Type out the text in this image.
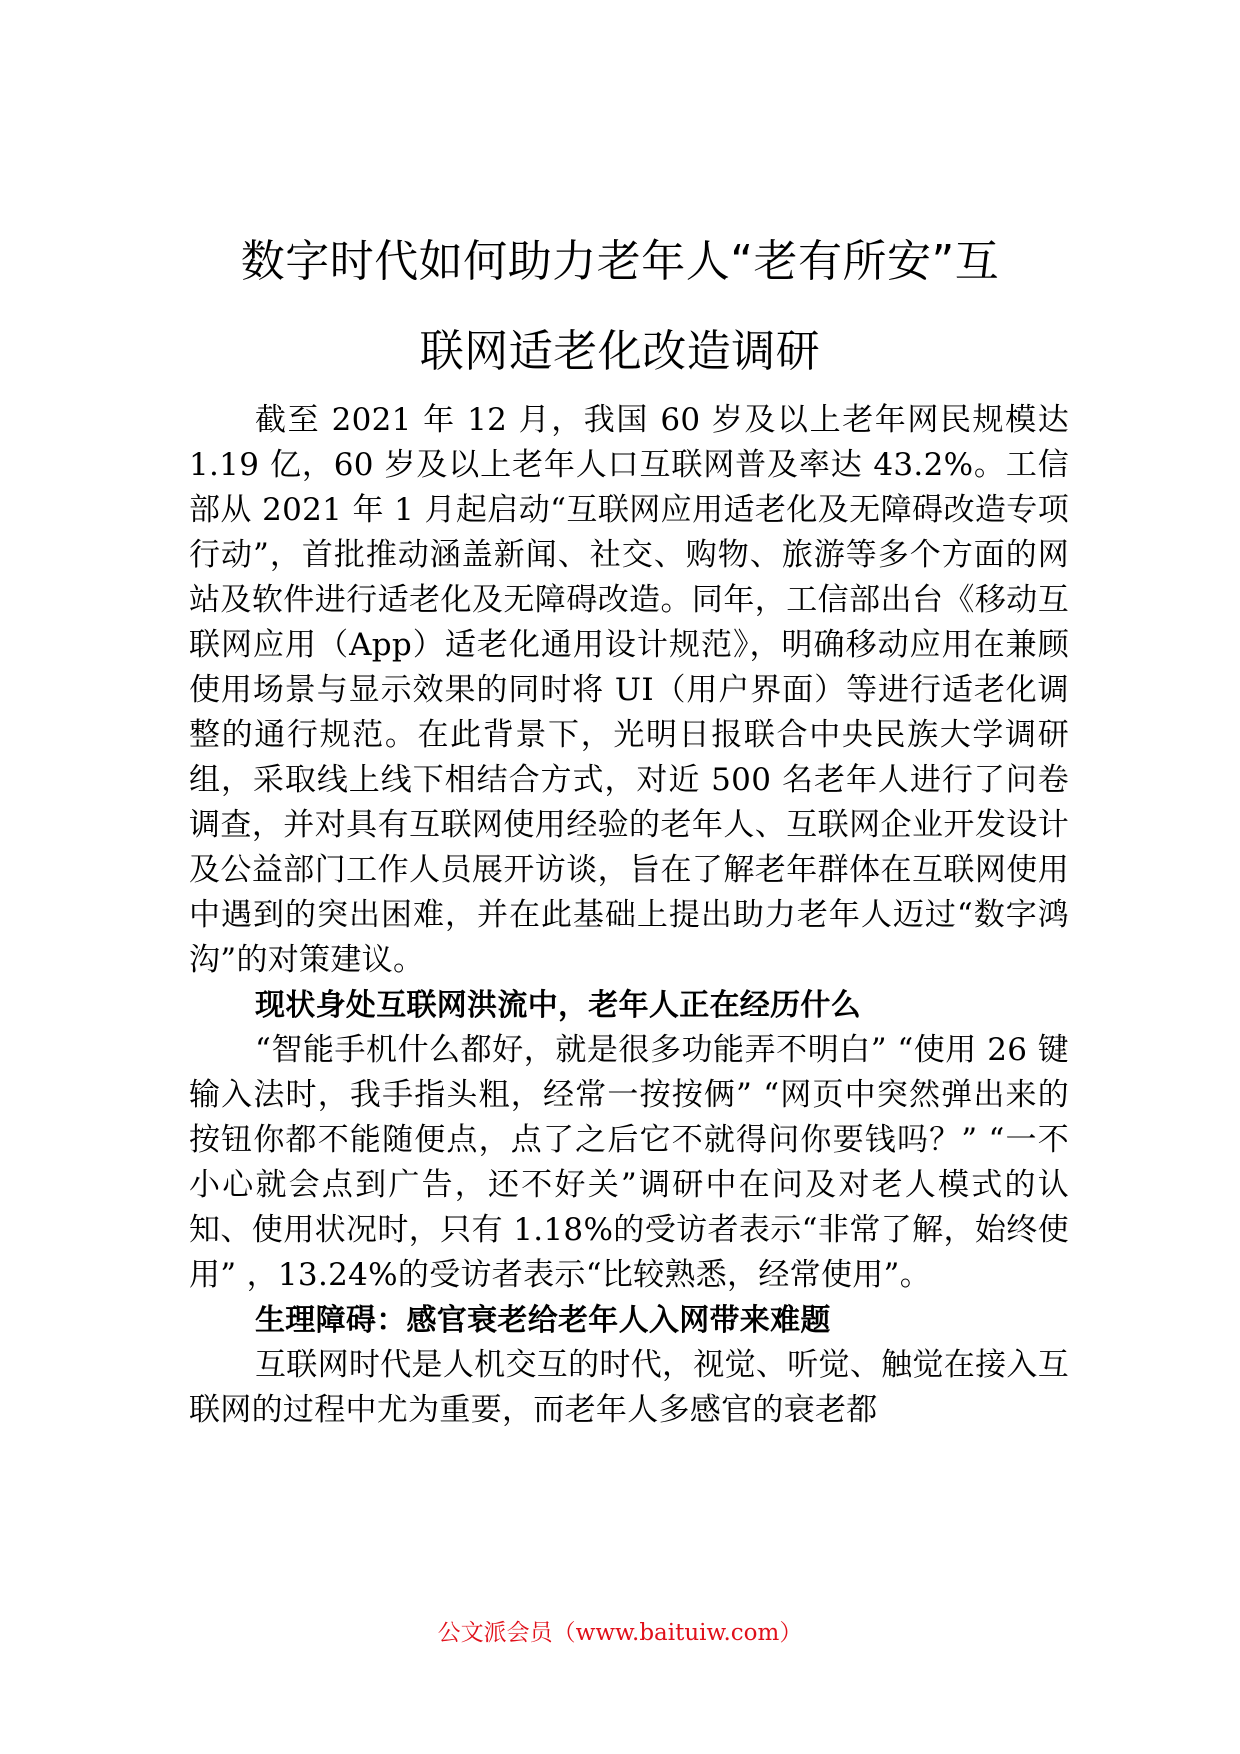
数字时代如何助力老年人“老有所安”互
联网适老化改造调研

截至 2021 年 12 月，我国 60 岁及以上老年网民规模达 1.19 亿，60 岁及以上老年人口互联网普及率达 43.2%。工信部从 2021 年 1 月起启动“互联网应用适老化及无障碍改造专项行动”，首批推动涵盖新闻、社交、购物、旅游等多个方面的网站及软件进行适老化及无障碍改造。同年，工信部出台《移动互联网应用（App）适老化通用设计规范》，明确移动应用在兼顾使用场景与显示效果的同时将 UI（用户界面）等进行适老化调整的通行规范。在此背景下，光明日报联合中央民族大学调研组，采取线上线下相结合方式，对近 500 名老年人进行了问卷调查，并对具有互联网使用经验的老年人、互联网企业开发设计及公益部门工作人员展开访谈，旨在了解老年群体在互联网使用中遇到的突出困难，并在此基础上提出助力老年人迈过“数字鸿沟”的对策建议。

现状身处互联网洪流中，老年人正在经历什么

“智能手机什么都好，就是很多功能弄不明白” “使用 26 键输入法时，我手指头粗，经常一按按俩” “网页中突然弹出来的按钮你都不能随便点，点了之后它不就得问你要钱吗？” “一不小心就会点到广告，还不好关”调研中在问及对老人模式的认知、使用状况时，只有 1.18%的受访者表示“非常了解，始终使用” ，13.24%的受访者表示“比较熟悉，经常使用”。

生理障碍：感官衰老给老年人入网带来难题

互联网时代是人机交互的时代，视觉、听觉、触觉在接入互联网的过程中尤为重要，而老年人多感官的衰老都

公文派会员（www.baituiw.com）
